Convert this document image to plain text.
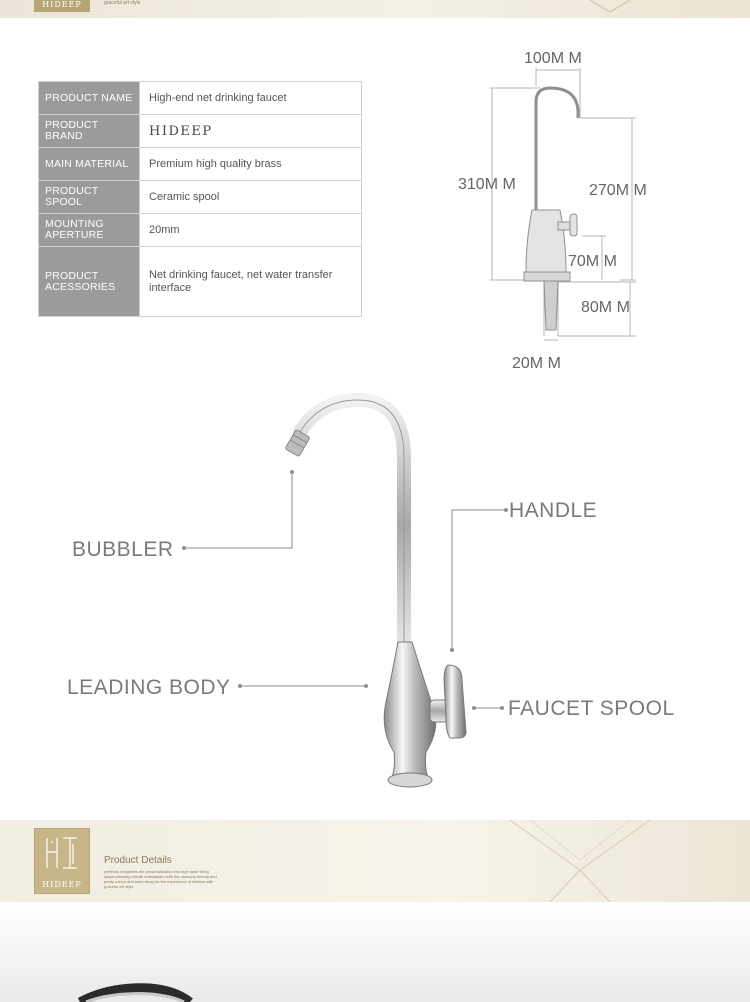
HIDEEP	graceful art style
PRODUCT NAME	High-end net drinking faucet
PRODUCT BRAND	HIDEEP
MAIN MATERIAL	Premium high quality brass
PRODUCT SPOOL	Ceramic spool
MOUNTING APERTURE	20mm
PRODUCT ACESSORIES	Net drinking faucet, net water transfer interface
100M M
310M M	270M M
70M M
80M M
20M M
BUBBLER
HANDLE
LEADING BODY
FAUCET SPOOL
HIDEEP
Product Details
perfectly integrates the personalization into high taste living space,showing infinite enthusiasm with the classical beauty and pretty colour and taste bring for the experience of fashion with graceful art style.
